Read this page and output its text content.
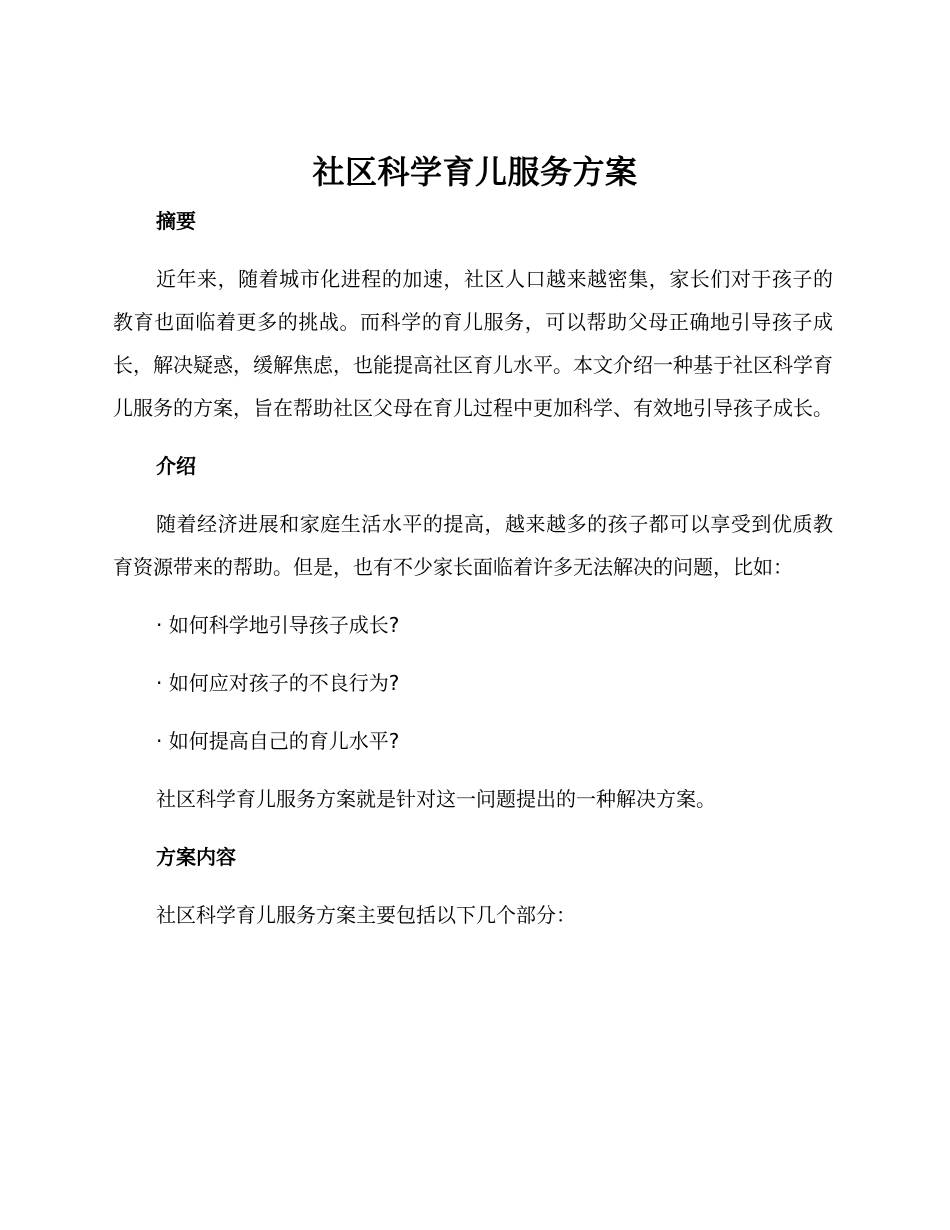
社区科学育儿服务方案

摘要

近年来，随着城市化进程的加速，社区人口越来越密集，家长们对于孩子的教育也面临着更多的挑战。而科学的育儿服务，可以帮助父母正确地引导孩子成长，解决疑惑，缓解焦虑，也能提高社区育儿水平。本文介绍一种基于社区科学育儿服务的方案，旨在帮助社区父母在育儿过程中更加科学、有效地引导孩子成长。

介绍

随着经济进展和家庭生活水平的提高，越来越多的孩子都可以享受到优质教育资源带来的帮助。但是，也有不少家长面临着许多无法解决的问题，比如：

· 如何科学地引导孩子成长?

· 如何应对孩子的不良行为?

· 如何提高自己的育儿水平?

社区科学育儿服务方案就是针对这一问题提出的一种解决方案。

方案内容

社区科学育儿服务方案主要包括以下几个部分：
